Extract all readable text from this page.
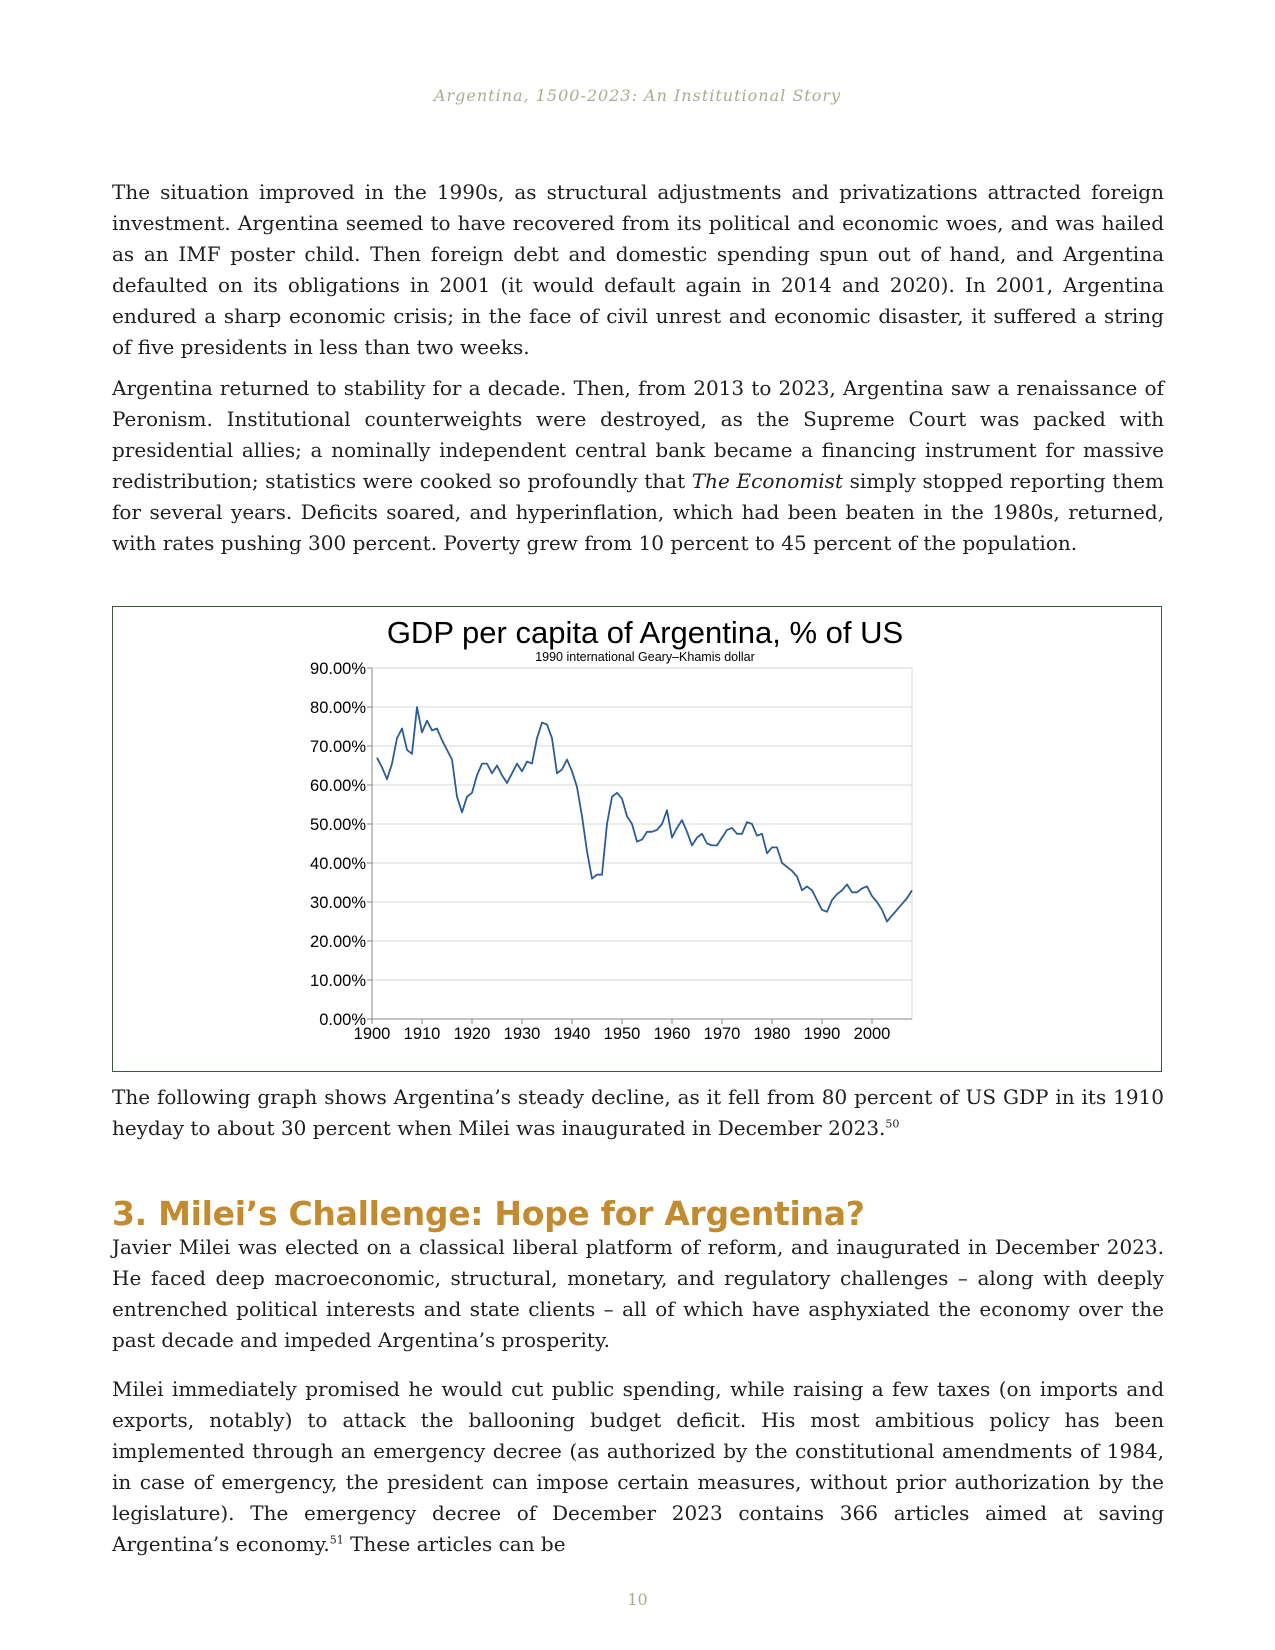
Argentina, 1500-2023: An Institutional Story

The situation improved in the 1990s, as structural adjustments and privatizations attracted foreign investment. Argentina seemed to have recovered from its political and economic woes, and was hailed as an IMF poster child. Then foreign debt and domestic spending spun out of hand, and Argentina defaulted on its obligations in 2001 (it would default again in 2014 and 2020). In 2001, Argentina endured a sharp economic crisis; in the face of civil unrest and economic disaster, it suffered a string of five presidents in less than two weeks.

Argentina returned to stability for a decade. Then, from 2013 to 2023, Argentina saw a renaissance of Peronism. Institutional counterweights were destroyed, as the Supreme Court was packed with presidential allies; a nominally independent central bank became a financing instrument for massive redistribution; statistics were cooked so profoundly that The Economist simply stopped reporting them for several years. Deficits soared, and hyperinflation, which had been beaten in the 1980s, returned, with rates pushing 300 percent. Poverty grew from 10 percent to 45 percent of the population.

GDP per capita of Argentina, % of US
1990 international Geary–Khamis dollar
0.00%
10.00%
20.00%
30.00%
40.00%
50.00%
60.00%
70.00%
80.00%
90.00%
1900 1910 1920 1930 1940 1950 1960 1970 1980 1990 2000

The following graph shows Argentina’s steady decline, as it fell from 80 percent of US GDP in its 1910 heyday to about 30 percent when Milei was inaugurated in December 2023.50

3. Milei’s Challenge: Hope for Argentina?

Javier Milei was elected on a classical liberal platform of reform, and inaugurated in December 2023. He faced deep macroeconomic, structural, monetary, and regulatory challenges – along with deeply entrenched political interests and state clients – all of which have asphyxiated the economy over the past decade and impeded Argentina’s prosperity.

Milei immediately promised he would cut public spending, while raising a few taxes (on imports and exports, notably) to attack the ballooning budget deficit. His most ambitious policy has been implemented through an emergency decree (as authorized by the constitutional amendments of 1984, in case of emergency, the president can impose certain measures, without prior authorization by the legislature). The emergency decree of December 2023 contains 366 articles aimed at saving Argentina’s economy.$^{51}$ These articles can be

10
